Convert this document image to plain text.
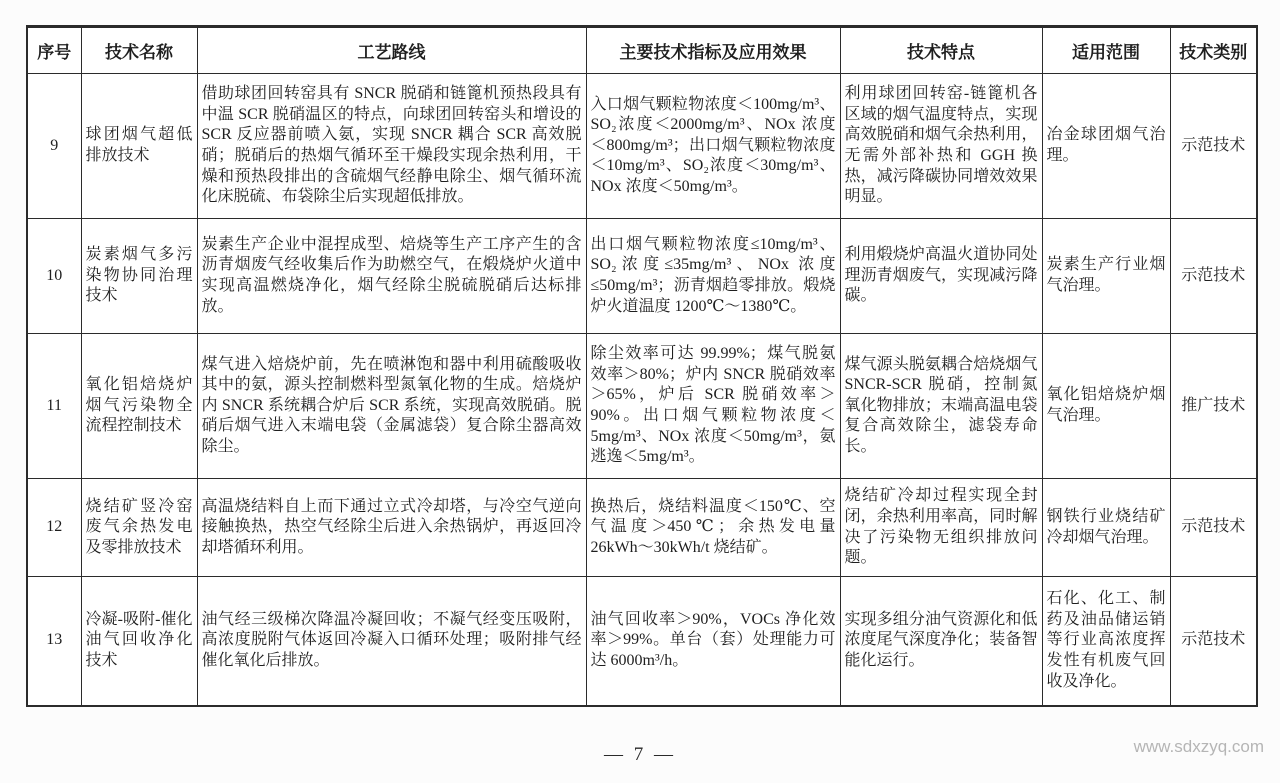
序号	技术名称	工艺路线	主要技术指标及应用效果	技术特点	适用范围	技术类别
9	球团烟气超低排放技术	借助球团回转窑具有 SNCR 脱硝和链篦机预热段具有中温 SCR 脱硝温区的特点，向球团回转窑头和增设的 SCR 反应器前喷入氨，实现 SNCR 耦合 SCR 高效脱硝；脱硝后的热烟气循环至干燥段实现余热利用，干燥和预热段排出的含硫烟气经静电除尘、烟气循环流化床脱硫、布袋除尘后实现超低排放。	入口烟气颗粒物浓度＜100mg/m³、SO₂浓度＜2000mg/m³、NOx 浓度＜800mg/m³；出口烟气颗粒物浓度＜10mg/m³、SO₂浓度＜30mg/m³、NOx 浓度＜50mg/m³。	利用球团回转窑-链篦机各区域的烟气温度特点，实现高效脱硝和烟气余热利用，无需外部补热和 GGH 换热，减污降碳协同增效效果明显。	冶金球团烟气治理。	示范技术
10	炭素烟气多污染物协同治理技术	炭素生产企业中混捏成型、焙烧等生产工序产生的含沥青烟废气经收集后作为助燃空气，在煅烧炉火道中实现高温燃烧净化，烟气经除尘脱硫脱硝后达标排放。	出口烟气颗粒物浓度≤10mg/m³、SO₂浓度≤35mg/m³、NOx 浓度≤50mg/m³；沥青烟趋零排放。煅烧炉火道温度 1200℃～1380℃。	利用煅烧炉高温火道协同处理沥青烟废气，实现减污降碳。	炭素生产行业烟气治理。	示范技术
11	氧化铝焙烧炉烟气污染物全流程控制技术	煤气进入焙烧炉前，先在喷淋饱和器中利用硫酸吸收其中的氨，源头控制燃料型氮氧化物的生成。焙烧炉内 SNCR 系统耦合炉后 SCR 系统，实现高效脱硝。脱硝后烟气进入末端电袋（金属滤袋）复合除尘器高效除尘。	除尘效率可达 99.99%；煤气脱氨效率＞80%；炉内 SNCR 脱硝效率＞65%，炉后 SCR 脱硝效率＞90%。出口烟气颗粒物浓度＜5mg/m³、NOx 浓度＜50mg/m³，氨逃逸＜5mg/m³。	煤气源头脱氨耦合焙烧烟气 SNCR-SCR 脱硝，控制氮氧化物排放；末端高温电袋复合高效除尘，滤袋寿命长。	氧化铝焙烧炉烟气治理。	推广技术
12	烧结矿竖冷窑废气余热发电及零排放技术	高温烧结料自上而下通过立式冷却塔，与冷空气逆向接触换热，热空气经除尘后进入余热锅炉，再返回冷却塔循环利用。	换热后，烧结料温度＜150℃、空气温度＞450℃；余热发电量 26kWh～30kWh/t 烧结矿。	烧结矿冷却过程实现全封闭，余热利用率高，同时解决了污染物无组织排放问题。	钢铁行业烧结矿冷却烟气治理。	示范技术
13	冷凝-吸附-催化油气回收净化技术	油气经三级梯次降温冷凝回收；不凝气经变压吸附，高浓度脱附气体返回冷凝入口循环处理；吸附排气经催化氧化后排放。	油气回收率＞90%，VOCs 净化效率＞99%。单台（套）处理能力可达 6000m³/h。	实现多组分油气资源化和低浓度尾气深度净化；装备智能化运行。	石化、化工、制药及油品储运销等行业高浓度挥发性有机废气回收及净化。	示范技术
— 7 —	www.sdxzyq.com
